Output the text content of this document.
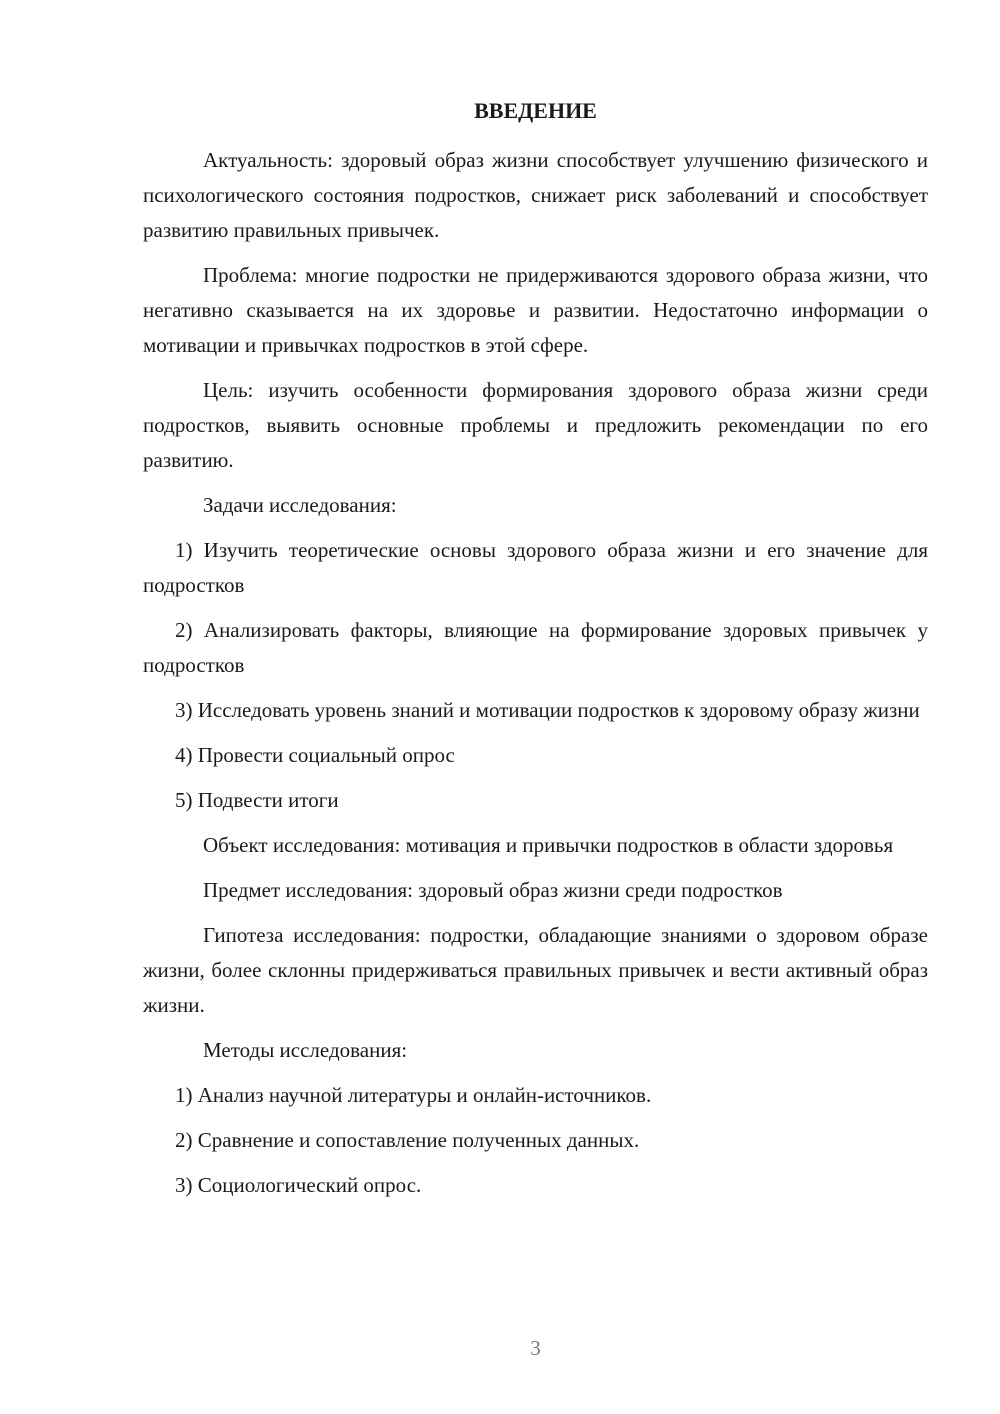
ВВЕДЕНИЕ

Актуальность: здоровый образ жизни способствует улучшению физического и психологического состояния подростков, снижает риск заболеваний и способствует развитию правильных привычек.

Проблема: многие подростки не придерживаются здорового образа жизни, что негативно сказывается на их здоровье и развитии. Недостаточно информации о мотивации и привычках подростков в этой сфере.

Цель: изучить особенности формирования здорового образа жизни среди подростков, выявить основные проблемы и предложить рекомендации по его развитию.

Задачи исследования:

1) Изучить теоретические основы здорового образа жизни и его значение для подростков

2) Анализировать факторы, влияющие на формирование здоровых привычек у подростков

3) Исследовать уровень знаний и мотивации подростков к здоровому образу жизни

4) Провести социальный опрос

5) Подвести итоги

Объект исследования: мотивация и привычки подростков в области здоровья

Предмет исследования: здоровый образ жизни среди подростков

Гипотеза исследования: подростки, обладающие знаниями о здоровом образе жизни, более склонны придерживаться правильных привычек и вести активный образ жизни.

Методы исследования:

1) Анализ научной литературы и онлайн-источников.

2) Сравнение и сопоставление полученных данных.

3) Социологический опрос.

3
